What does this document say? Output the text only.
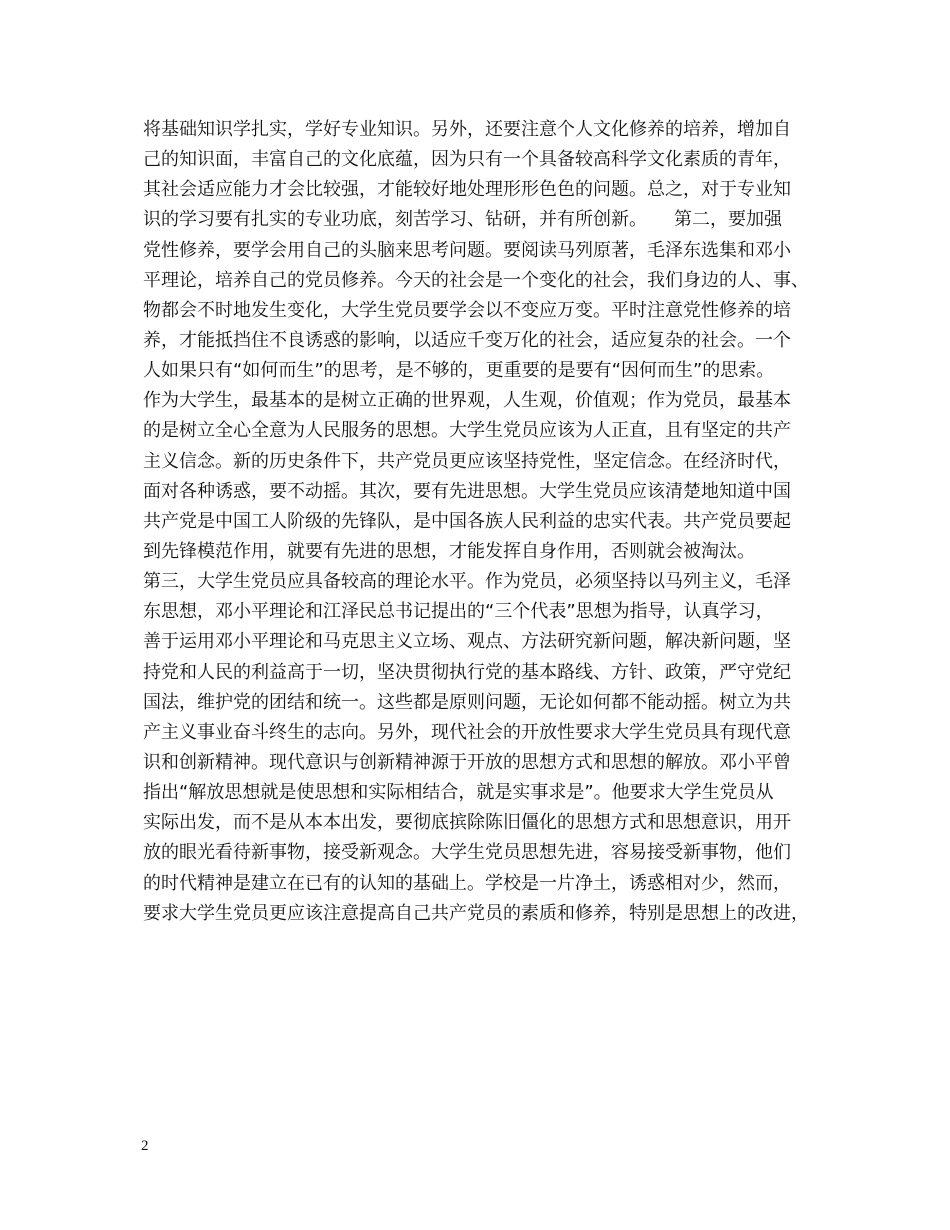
将基础知识学扎实，学好专业知识。另外，还要注意个人文化修养的培养，增加自
己的知识面，丰富自己的文化底蕴，因为只有一个具备较高科学文化素质的青年，
其社会适应能力才会比较强，才能较好地处理形形色色的问题。总之，对于专业知
识的学习要有扎实的专业功底，刻苦学习、钻研，并有所创新。　　第二，要加强
党性修养，要学会用自己的头脑来思考问题。要阅读马列原著，毛泽东选集和邓小
平理论，培养自己的党员修养。今天的社会是一个变化的社会，我们身边的人、事、
物都会不时地发生变化，大学生党员要学会以不变应万变。平时注意党性修养的培
养，才能抵挡住不良诱惑的影响，以适应千变万化的社会，适应复杂的社会。一个
人如果只有“如何而生”的思考，是不够的，更重要的是要有“因何而生”的思索。
作为大学生，最基本的是树立正确的世界观，人生观，价值观；作为党员，最基本
的是树立全心全意为人民服务的思想。大学生党员应该为人正直，且有坚定的共产
主义信念。新的历史条件下，共产党员更应该坚持党性，坚定信念。在经济时代，
面对各种诱惑，要不动摇。其次，要有先进思想。大学生党员应该清楚地知道中国
共产党是中国工人阶级的先锋队，是中国各族人民利益的忠实代表。共产党员要起
到先锋模范作用，就要有先进的思想，才能发挥自身作用，否则就会被淘汰。
第三，大学生党员应具备较高的理论水平。作为党员，必须坚持以马列主义，毛泽
东思想，邓小平理论和江泽民总书记提出的“三个代表”思想为指导，认真学习，
善于运用邓小平理论和马克思主义立场、观点、方法研究新问题，解决新问题，坚
持党和人民的利益高于一切，坚决贯彻执行党的基本路线、方针、政策，严守党纪
国法，维护党的团结和统一。这些都是原则问题，无论如何都不能动摇。树立为共
产主义事业奋斗终生的志向。另外，现代社会的开放性要求大学生党员具有现代意
识和创新精神。现代意识与创新精神源于开放的思想方式和思想的解放。邓小平曾
指出“解放思想就是使思想和实际相结合，就是实事求是”。他要求大学生党员从
实际出发，而不是从本本出发，要彻底摈除陈旧僵化的思想方式和思想意识，用开
放的眼光看待新事物，接受新观念。大学生党员思想先进，容易接受新事物，他们
的时代精神是建立在已有的认知的基础上。学校是一片净土，诱惑相对少，然而，
要求大学生党员更应该注意提高自己共产党员的素质和修养，特别是思想上的改进，
2
